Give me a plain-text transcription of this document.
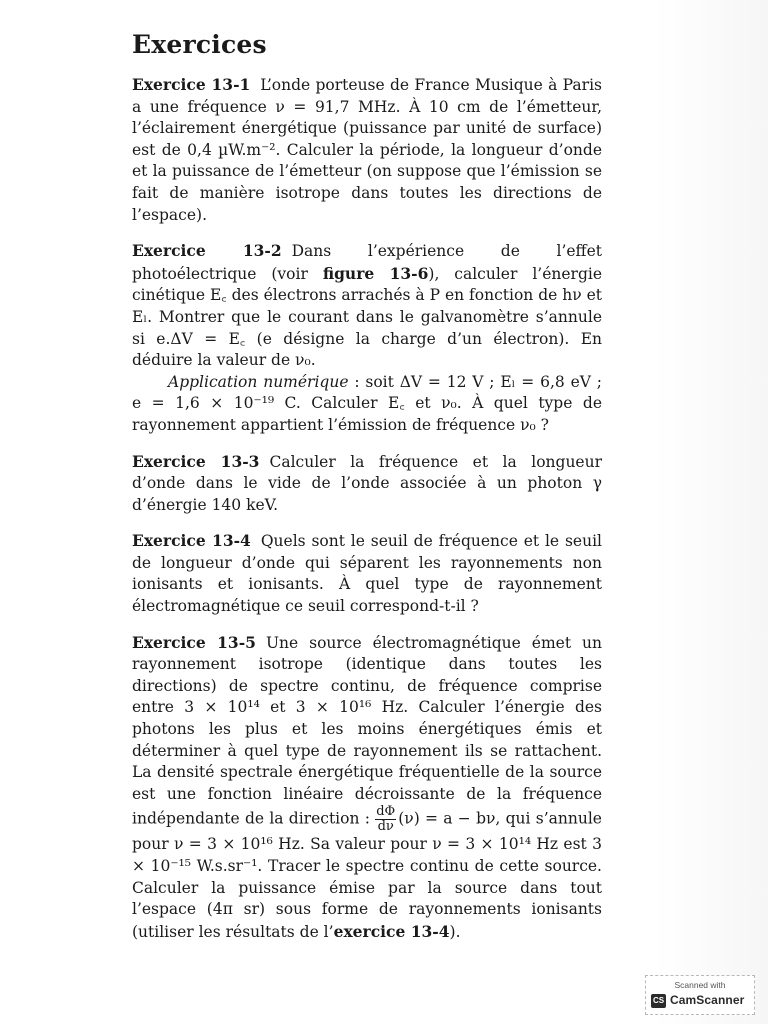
Exercices

Exercice 13-1 L’onde porteuse de France Musique à Paris a une fréquence ν = 91,7 MHz. À 10 cm de l’émetteur, l’éclairement énergétique (puissance par unité de surface) est de 0,4 µW.m⁻². Calculer la période, la longueur d’onde et la puissance de l’émetteur (on suppose que l’émission se fait de manière isotrope dans toutes les directions de l’espace).

Exercice 13-2 Dans l’expérience de l’effet photoélectrique (voir figure 13-6), calculer l’énergie cinétique E꜀ des électrons arrachés à P en fonction de hν et Eₗ. Montrer que le courant dans le galvanomètre s’annule si e.ΔV = E꜀ (e désigne la charge d’un électron). En déduire la valeur de ν₀.

Application numérique : soit ΔV = 12 V ; Eₗ = 6,8 eV ; e = 1,6 × 10⁻¹⁹ C. Calculer E꜀ et ν₀. À quel type de rayonnement appartient l’émission de fréquence ν₀ ?

Exercice 13-3 Calculer la fréquence et la longueur d’onde dans le vide de l’onde associée à un photon γ d’énergie 140 keV.

Exercice 13-4 Quels sont le seuil de fréquence et le seuil de longueur d’onde qui séparent les rayonnements non ionisants et ionisants. À quel type de rayonnement électromagnétique ce seuil correspond-t-il ?

Exercice 13-5 Une source électromagnétique émet un rayonnement isotrope (identique dans toutes les directions) de spectre continu, de fréquence comprise entre 3 × 10¹⁴ et 3 × 10¹⁶ Hz. Calculer l’énergie des photons les plus et les moins énergétiques émis et déterminer à quel type de rayonnement ils se rattachent. La densité spectrale énergétique fréquentielle de la source est une fonction linéaire décroissante de la fréquence indépendante de la direction : $\frac{d\Phi}{d\nu} (\nu) = a - b\nu$, qui s’annule pour ν = 3 × 10¹⁶ Hz. Sa valeur pour ν = 3 × 10¹⁴ Hz est 3 × 10⁻¹⁵ W.s.sr⁻¹. Tracer le spectre continu de cette source. Calculer la puissance émise par la source dans tout l’espace (4π sr) sous forme de rayonnements ionisants (utiliser les résultats de l’exercice 13-4).

Scanned with
CS CamScanner
